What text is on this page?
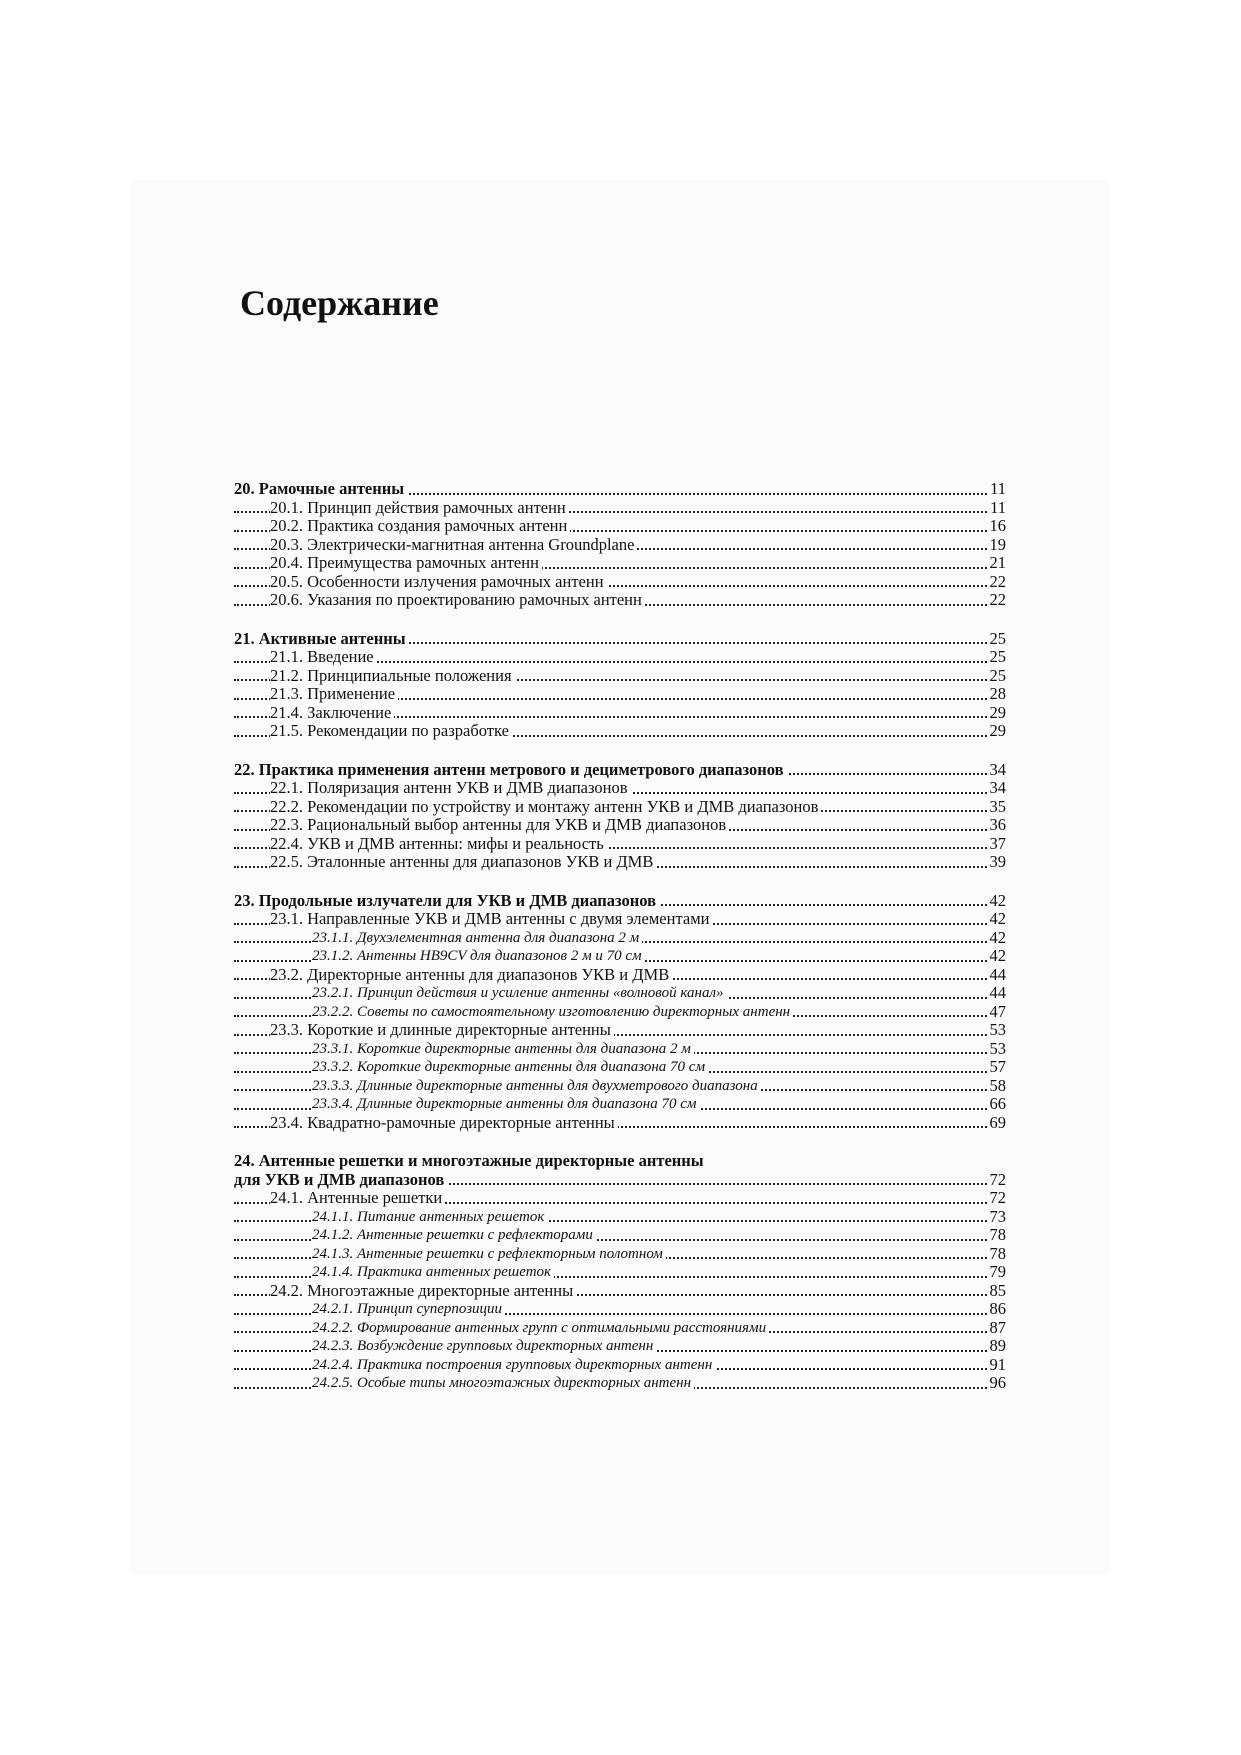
Содержание
20. Рамочные антенны	11
20.1. Принцип действия рамочных антенн	11
20.2. Практика создания рамочных антенн	16
20.3. Электрически-магнитная антенна Groundplane	19
20.4. Преимущества рамочных антенн	21
20.5. Особенности излучения рамочных антенн	22
20.6. Указания по проектированию рамочных антенн	22
21. Активные антенны	25
21.1. Введение	25
21.2. Принципиальные положения	25
21.3. Применение	28
21.4. Заключение	29
21.5. Рекомендации по разработке	29
22. Практика применения антенн метрового и дециметрового диапазонов	34
22.1. Поляризация антенн УКВ и ДМВ диапазонов	34
22.2. Рекомендации по устройству и монтажу антенн УКВ и ДМВ диапазонов	35
22.3. Рациональный выбор антенны для УКВ и ДМВ диапазонов	36
22.4. УКВ и ДМВ антенны: мифы и реальность	37
22.5. Эталонные антенны для диапазонов УКВ и ДМВ	39
23. Продольные излучатели для УКВ и ДМВ диапазонов	42
23.1. Направленные УКВ и ДМВ антенны с двумя элементами	42
23.1.1. Двухэлементная антенна для диапазона 2 м	42
23.1.2. Антенны HB9CV для диапазонов 2 м и 70 см	42
23.2. Директорные антенны для диапазонов УКВ и ДМВ	44
23.2.1. Принцип действия и усиление антенны «волновой канал»	44
23.2.2. Советы по самостоятельному изготовлению директорных антенн	47
23.3. Короткие и длинные директорные антенны	53
23.3.1. Короткие директорные антенны для диапазона 2 м	53
23.3.2. Короткие директорные антенны для диапазона 70 см	57
23.3.3. Длинные директорные антенны для двухметрового диапазона	58
23.3.4. Длинные директорные антенны для диапазона 70 см	66
23.4. Квадратно-рамочные директорные антенны	69
24. Антенные решетки и многоэтажные директорные антенны
для УКВ и ДМВ диапазонов	72
24.1. Антенные решетки	72
24.1.1. Питание антенных решеток	73
24.1.2. Антенные решетки с рефлекторами	78
24.1.3. Антенные решетки с рефлекторным полотном	78
24.1.4. Практика антенных решеток	79
24.2. Многоэтажные директорные антенны	85
24.2.1. Принцип суперпозиции	86
24.2.2. Формирование антенных групп с оптимальными расстояниями	87
24.2.3. Возбуждение групповых директорных антенн	89
24.2.4. Практика построения групповых директорных антенн	91
24.2.5. Особые типы многоэтажных директорных антенн	96
